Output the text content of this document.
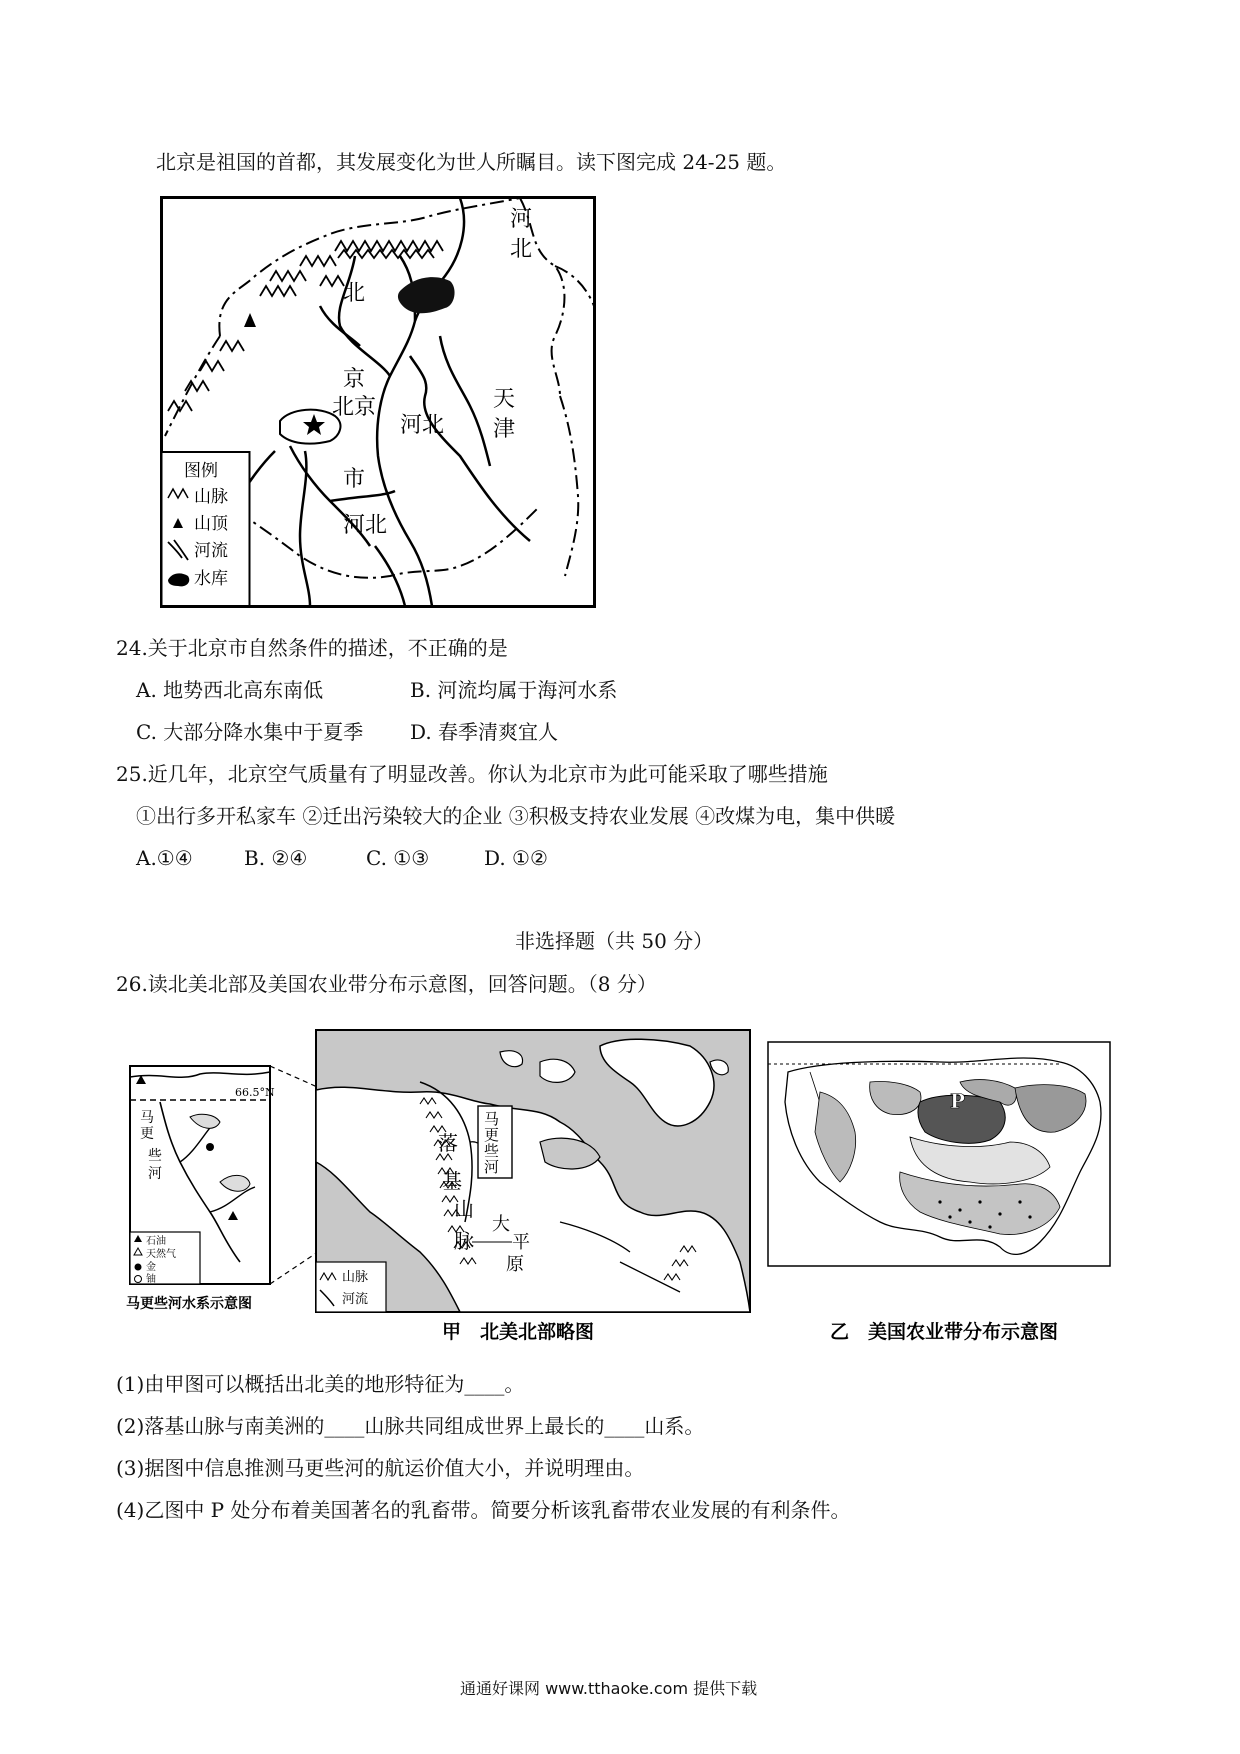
北京是祖国的首都，其发展变化为世人所瞩目。读下图完成 24-25 题。
河
北
北
京
北京
河北
市
河北
天
津
图例
山脉
山顶
河流
水库
24.关于北京市自然条件的描述，不正确的是
A. 地势西北高东南低	B. 河流均属于海河水系
C. 大部分降水集中于夏季 D. 春季清爽宜人
25.近几年，北京空气质量有了明显改善。你认为北京市为此可能采取了哪些措施
①出行多开私家车 ②迁出污染较大的企业 ③积极支持农业发展 ④改煤为电，集中供暖
A.①④	B. ②④	C. ①③	D. ①②
非选择题（共 50 分）
26.读北美北部及美国农业带分布示意图，回答问题。（8 分）
66.5°N
马
更
些
河
石油
天然气
金
铀
马更些河水系示意图
马
更
些
河
落
基
山
脉
大
平
原
山脉
河流
甲　北美北部略图
P
乙　美国农业带分布示意图
(1)由甲图可以概括出北美的地形特征为____。
(2)落基山脉与南美洲的____山脉共同组成世界上最长的____山系。
(3)据图中信息推测马更些河的航运价值大小，并说明理由。
(4)乙图中 P 处分布着美国著名的乳畜带。简要分析该乳畜带农业发展的有利条件。
通通好课网 www.tthaoke.com 提供下载
